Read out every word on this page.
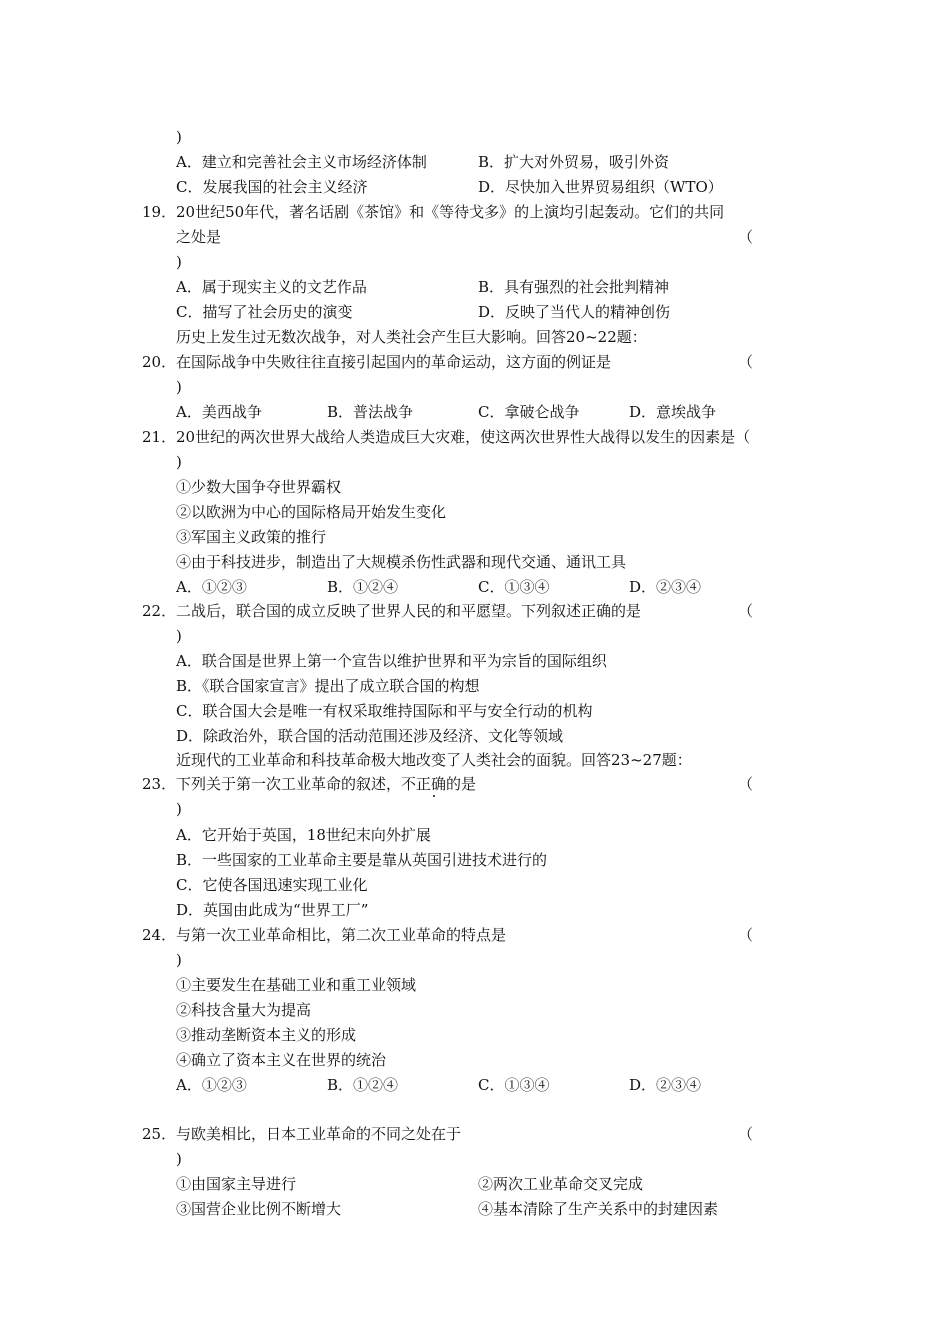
)
A．建立和完善社会主义市场经济体制	B．扩大对外贸易，吸引外资
C．发展我国的社会主义经济	D．尽快加入世界贸易组织（WTO）
19． 20世纪50年代，著名话剧《茶馆》和《等待戈多》的上演均引起轰动。它们的共同
之处是	（
)
A．属于现实主义的文艺作品	B．具有强烈的社会批判精神
C．描写了社会历史的演变	D．反映了当代人的精神创伤
历史上发生过无数次战争，对人类社会产生巨大影响。回答20~22题：
20． 在国际战争中失败往往直接引起国内的革命运动，这方面的例证是	（
)
A．美西战争	B．普法战争	C．拿破仑战争	D．意埃战争
21． 20世纪的两次世界大战给人类造成巨大灾难，使这两次世界性大战得以发生的因素是（
)
①少数大国争夺世界霸权
②以欧洲为中心的国际格局开始发生变化
③军国主义政策的推行
④由于科技进步，制造出了大规模杀伤性武器和现代交通、通讯工具
A．①②③	B．①②④	C．①③④	D．②③④
22． 二战后，联合国的成立反映了世界人民的和平愿望。下列叙述正确的是	（
)
A．联合国是世界上第一个宣告以维护世界和平为宗旨的国际组织
B．《联合国家宣言》提出了成立联合国的构想
C．联合国大会是唯一有权采取维持国际和平与安全行动的机构
D．除政治外，联合国的活动范围还涉及经济、文化等领域
近现代的工业革命和科技革命极大地改变了人类社会的面貌。回答23~27题：
23． 下列关于第一次工业革命的叙述，不正确的是	（
)
A．它开始于英国，18世纪末向外扩展
B．一些国家的工业革命主要是靠从英国引进技术进行的
C．它使各国迅速实现工业化
D．英国由此成为“世界工厂”
24． 与第一次工业革命相比，第二次工业革命的特点是	（
)
①主要发生在基础工业和重工业领域
②科技含量大为提高
③推动垄断资本主义的形成
④确立了资本主义在世界的统治
A．①②③	B．①②④	C．①③④	D．②③④
25． 与欧美相比，日本工业革命的不同之处在于	（
)
①由国家主导进行	②两次工业革命交叉完成
③国营企业比例不断增大	④基本清除了生产关系中的封建因素
